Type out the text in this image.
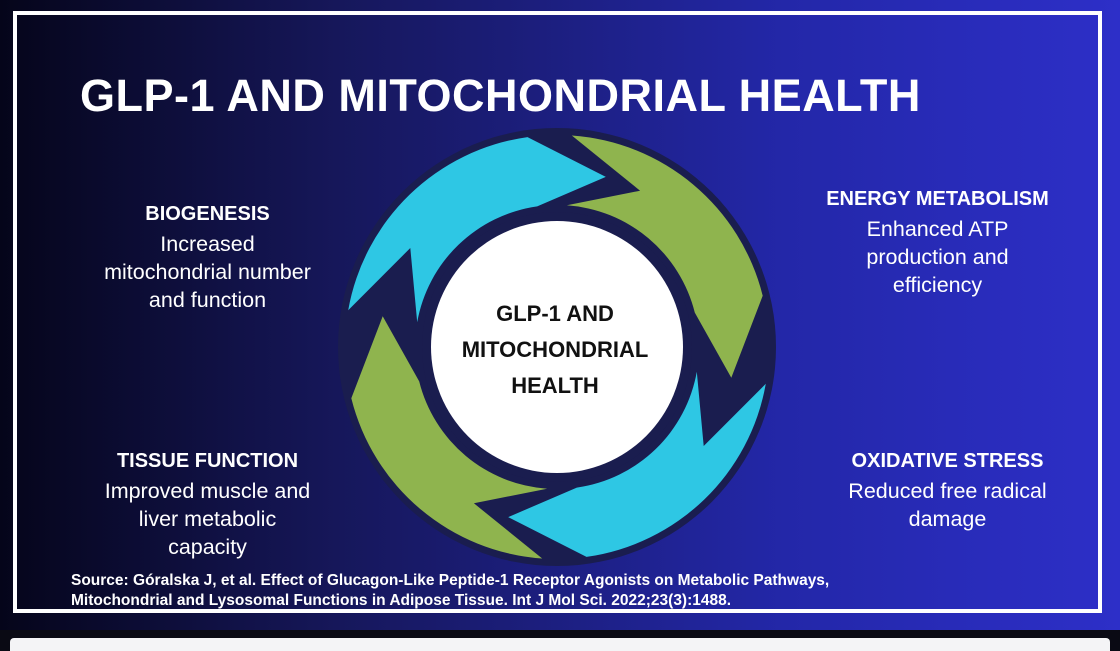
GLP-1 AND MITOCHONDRIAL HEALTH
GLP-1 AND
MITOCHONDRIAL
HEALTH
BIOGENESIS
Increased
mitochondrial number
and function
ENERGY METABOLISM
Enhanced ATP
production and
efficiency
TISSUE FUNCTION
Improved muscle and
liver metabolic
capacity
OXIDATIVE STRESS
Reduced free radical
damage
Source: Góralska J, et al. Effect of Glucagon-Like Peptide-1 Receptor Agonists on Metabolic Pathways,
Mitochondrial and Lysosomal Functions in Adipose Tissue. Int J Mol Sci. 2022;23(3):1488.
